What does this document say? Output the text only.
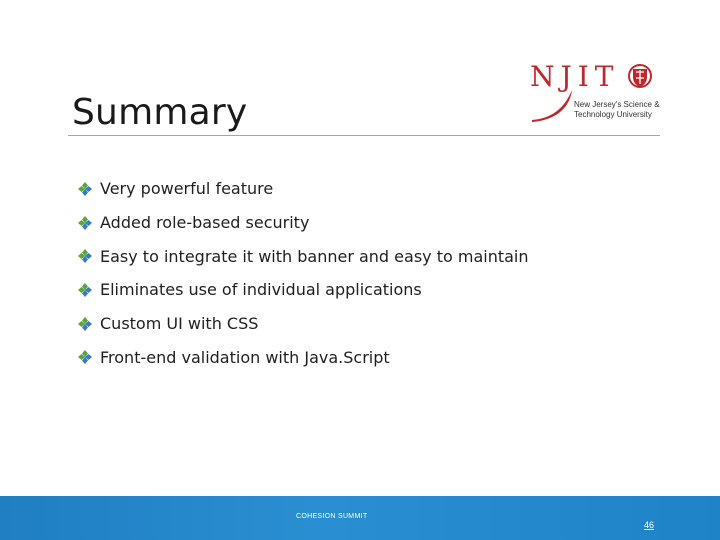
Summary
NJIT
New Jersey's Science &
Technology University
Very powerful feature
Added role-based security
Easy to integrate it with banner and easy to maintain
Eliminates use of individual applications
Custom UI with CSS
Front-end validation with Java.Script
COHESION SUMMIT
46
